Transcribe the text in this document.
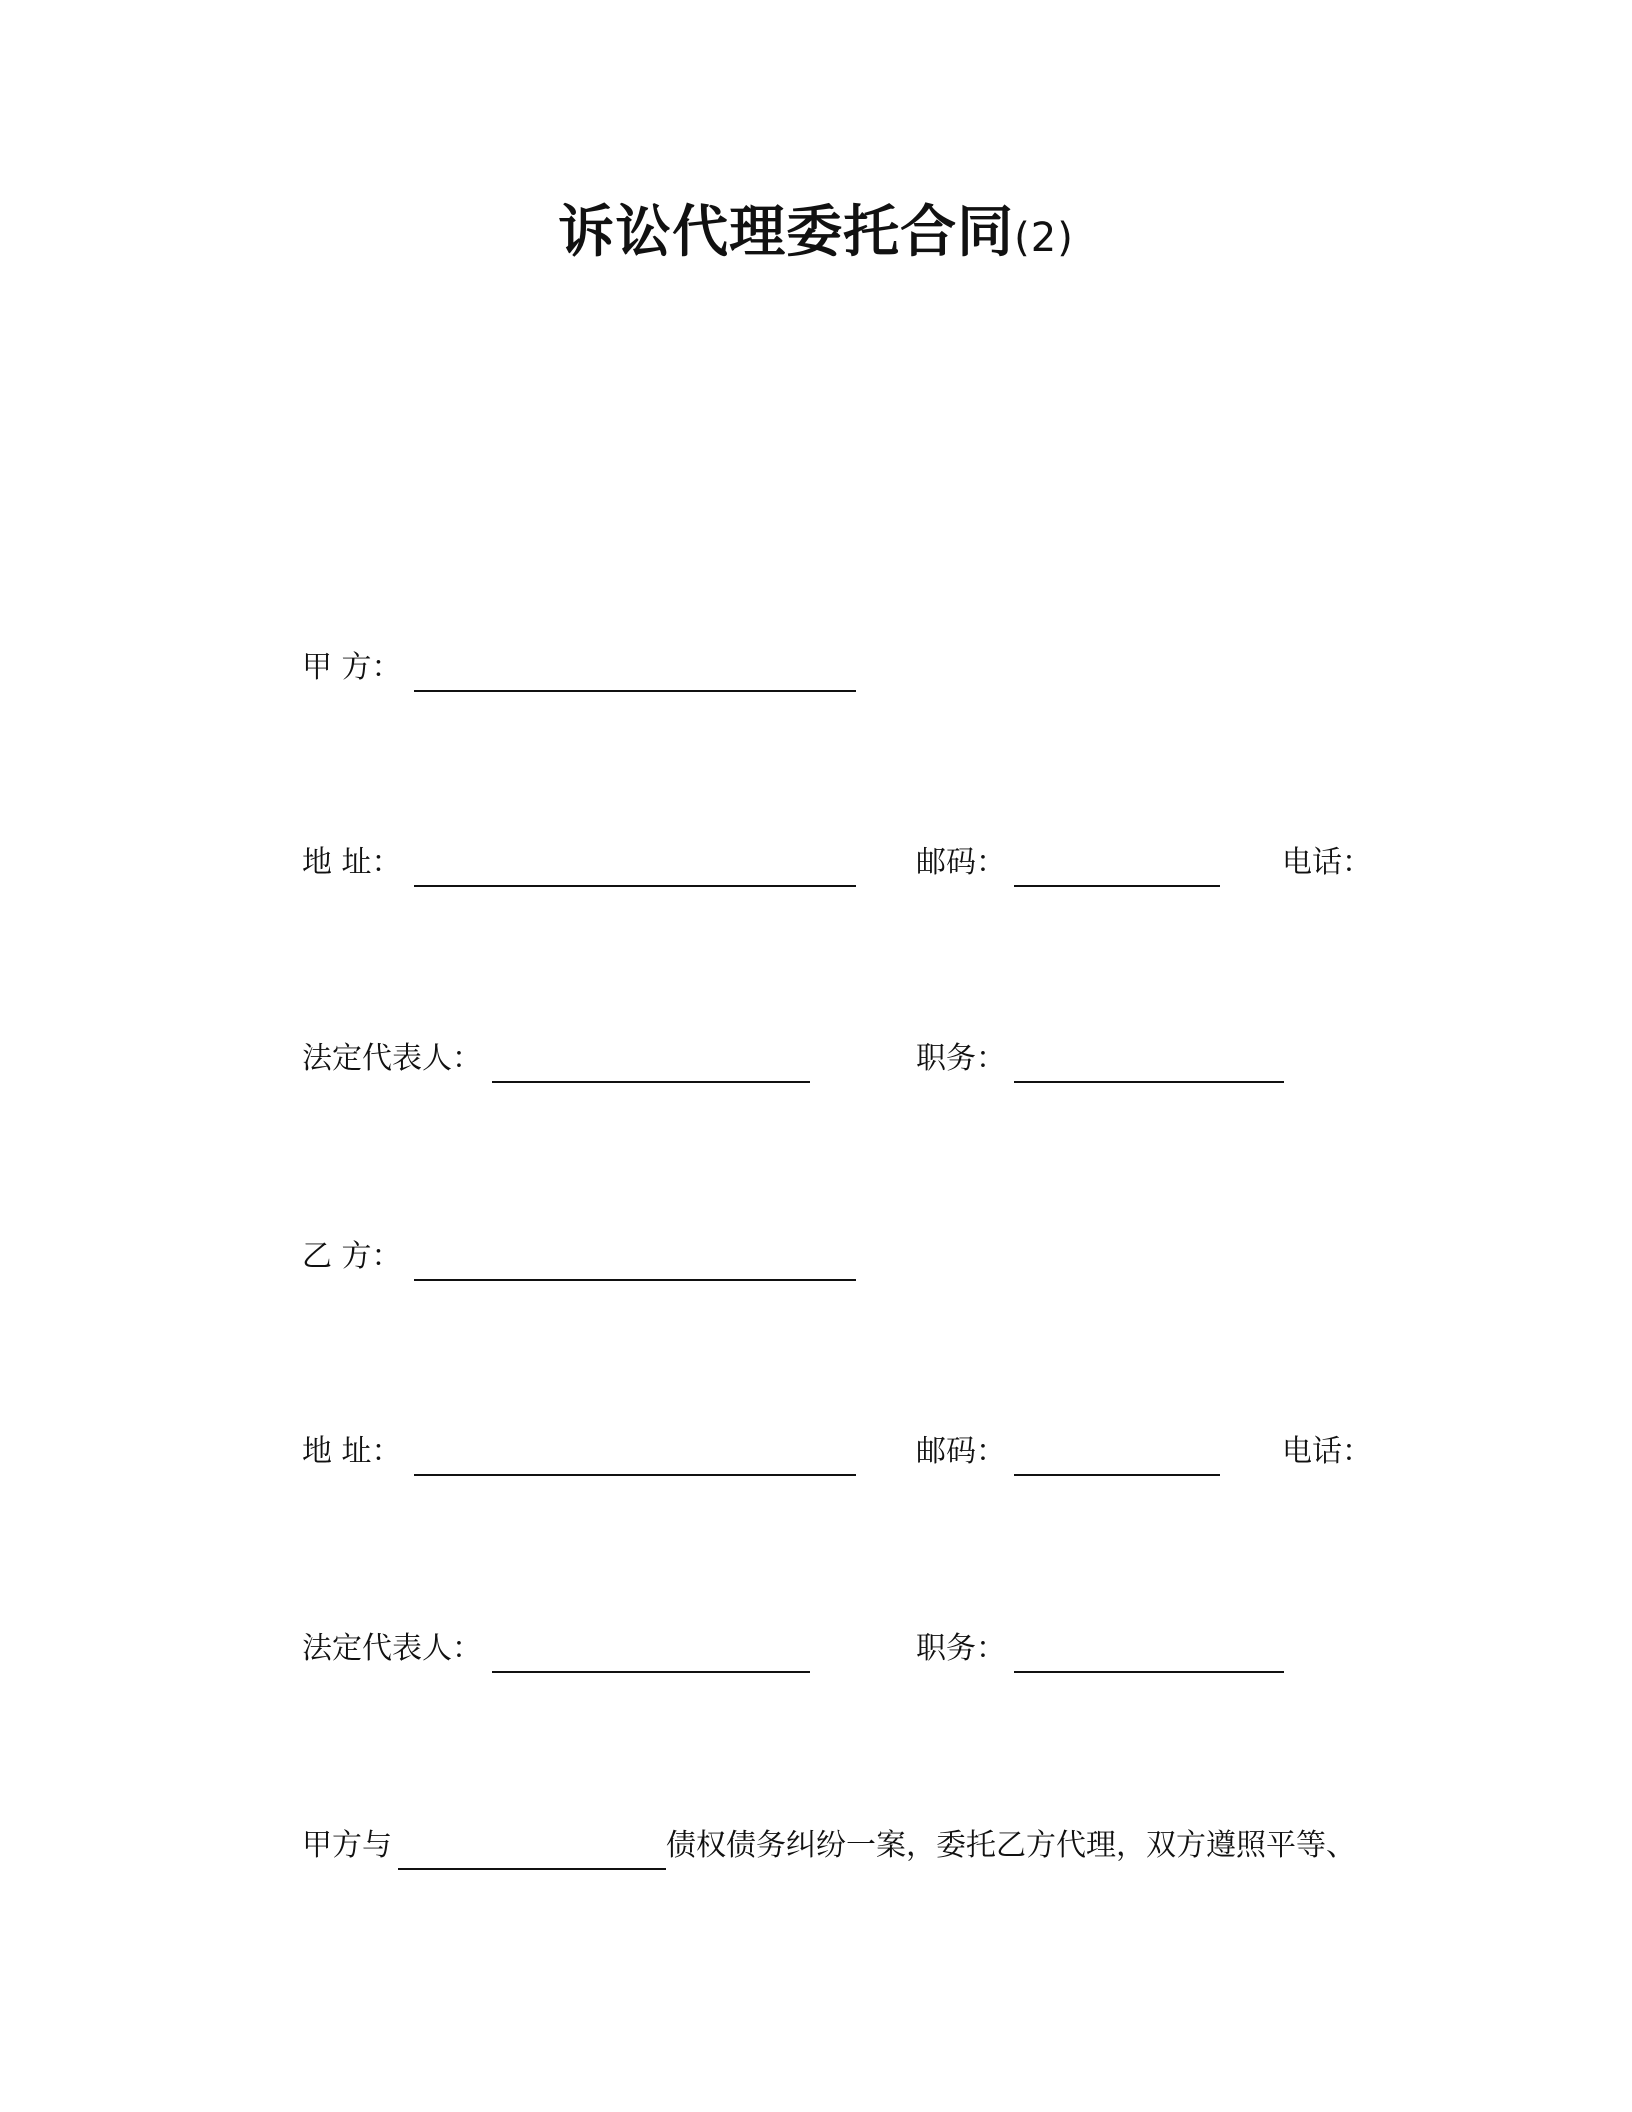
诉讼代理委托合同(2)
甲 方：
地 址：	邮码：	电话：
法定代表人：	职务：
乙 方：
地 址：	邮码：	电话：
法定代表人：	职务：
甲方与	债权债务纠纷一案，委托乙方代理，双方遵照平等、
